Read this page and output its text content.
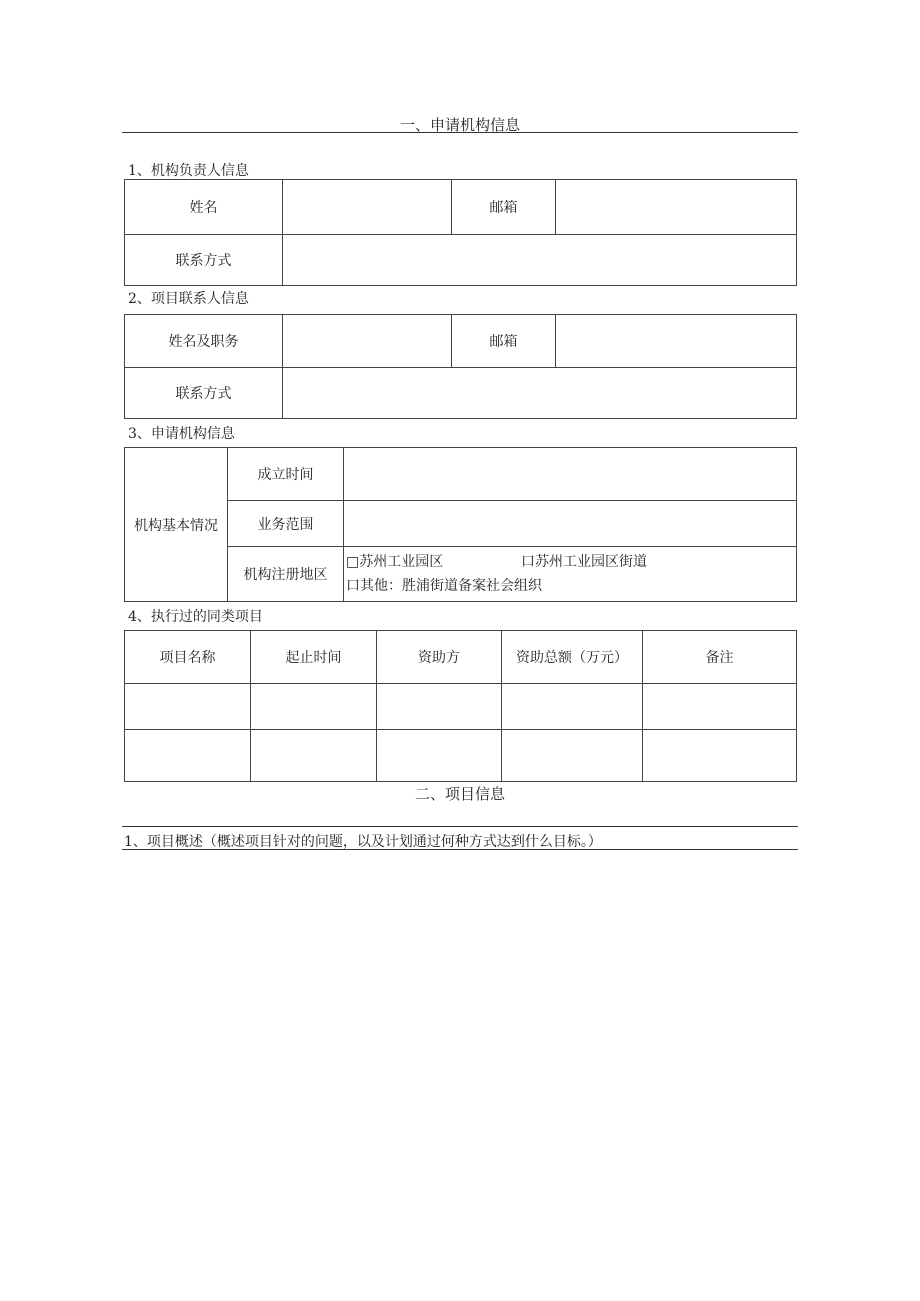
一、申请机构信息
1、机构负责人信息
姓名		邮箱	
联系方式			
2、项目联系人信息
姓名及职务		邮箱	
联系方式			
3、申请机构信息
机构基本情况	成立时间	
	业务范围	
	机构注册地区	□苏州工业园区 口苏州工业园区街道
口其他：胜浦街道备案社会组织
4、执行过的同类项目
项目名称	起止时间	资助方	资助总额（万元）	备注

二、项目信息
1、项目概述（概述项目针对的问题，以及计划通过何种方式达到什么目标。）
